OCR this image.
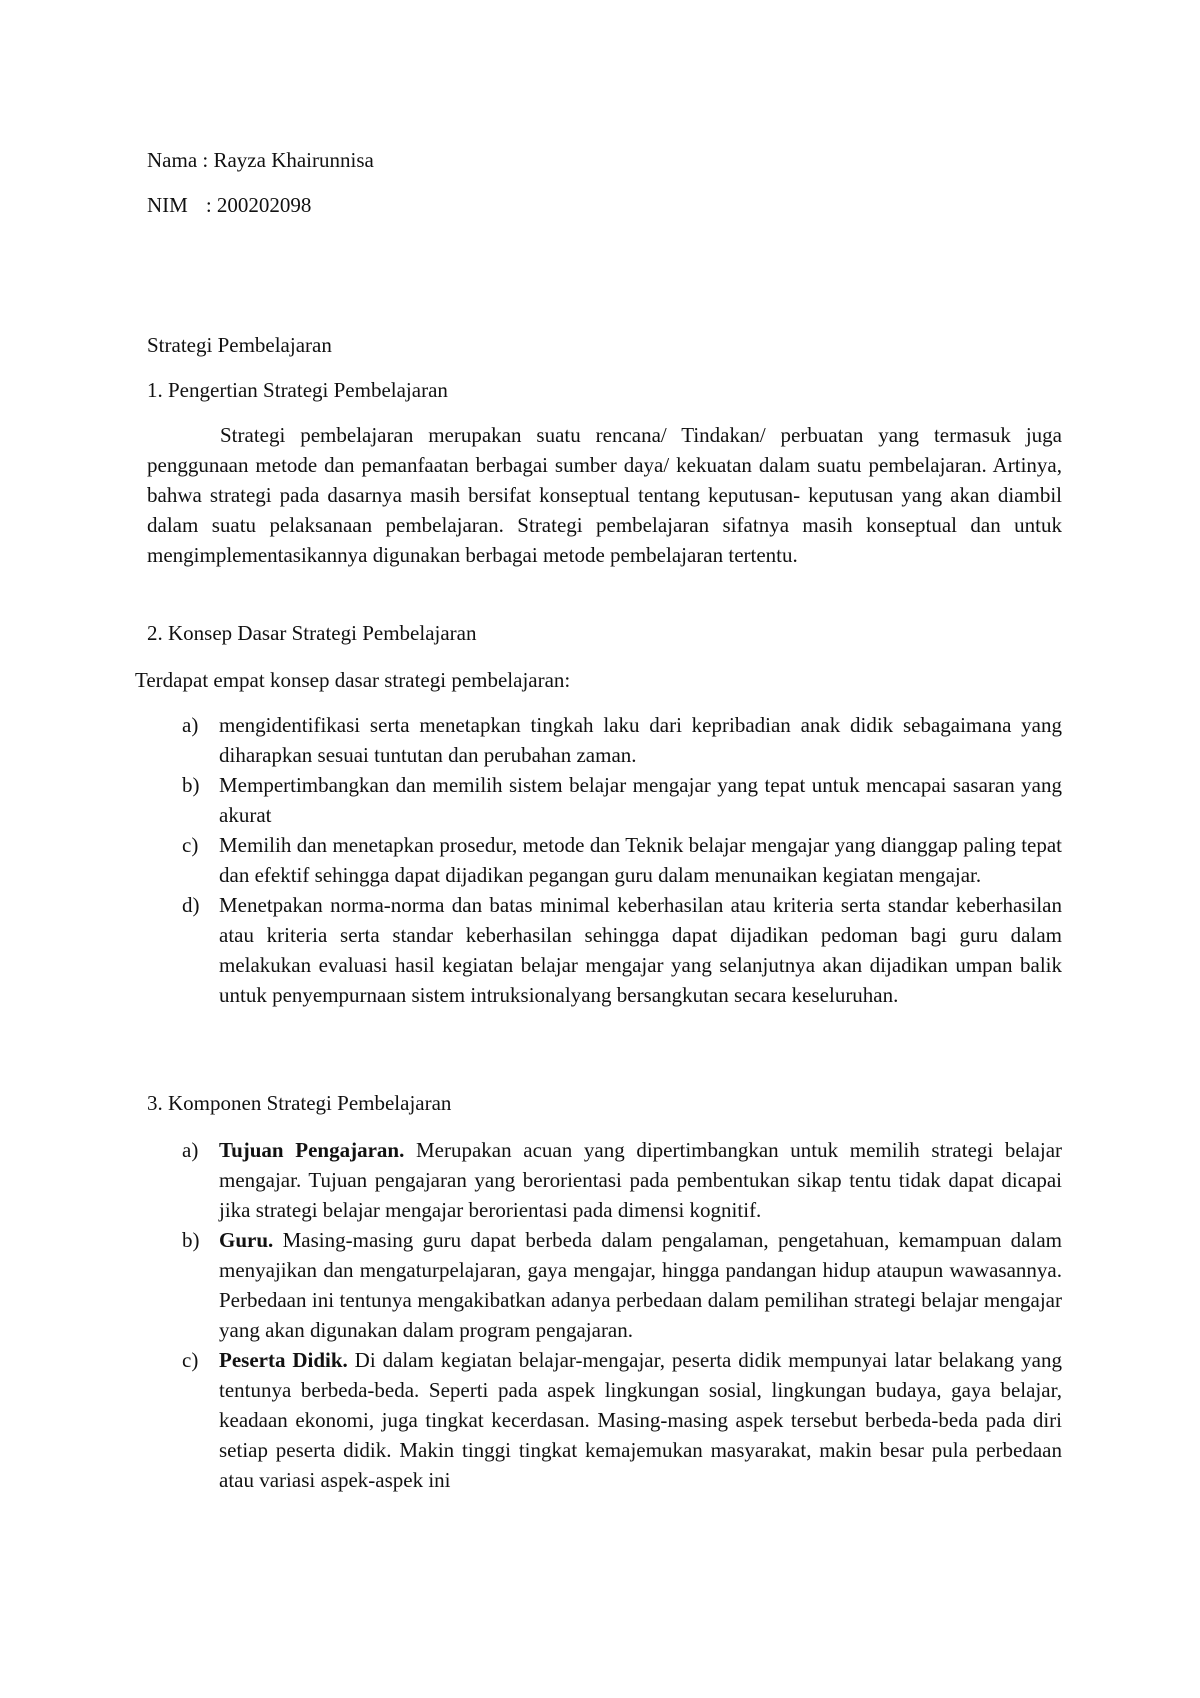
Nama : Rayza Khairunnisa

NIM : 200202098

Strategi Pembelajaran

1. Pengertian Strategi Pembelajaran

Strategi pembelajaran merupakan suatu rencana/ Tindakan/ perbuatan yang termasuk juga penggunaan metode dan pemanfaatan berbagai sumber daya/ kekuatan dalam suatu pembelajaran. Artinya, bahwa strategi pada dasarnya masih bersifat konseptual tentang keputusan- keputusan yang akan diambil dalam suatu pelaksanaan pembelajaran. Strategi pembelajaran sifatnya masih konseptual dan untuk mengimplementasikannya digunakan berbagai metode pembelajaran tertentu.

2. Konsep Dasar Strategi Pembelajaran

Terdapat empat konsep dasar strategi pembelajaran:

a) mengidentifikasi serta menetapkan tingkah laku dari kepribadian anak didik sebagaimana yang diharapkan sesuai tuntutan dan perubahan zaman.
b) Mempertimbangkan dan memilih sistem belajar mengajar yang tepat untuk mencapai sasaran yang akurat
c) Memilih dan menetapkan prosedur, metode dan Teknik belajar mengajar yang dianggap paling tepat dan efektif sehingga dapat dijadikan pegangan guru dalam menunaikan kegiatan mengajar.
d) Menetpakan norma-norma dan batas minimal keberhasilan atau kriteria serta standar keberhasilan atau kriteria serta standar keberhasilan sehingga dapat dijadikan pedoman bagi guru dalam melakukan evaluasi hasil kegiatan belajar mengajar yang selanjutnya akan dijadikan umpan balik untuk penyempurnaan sistem intruksionalyang bersangkutan secara keseluruhan.

3. Komponen Strategi Pembelajaran

a) Tujuan Pengajaran. Merupakan acuan yang dipertimbangkan untuk memilih strategi belajar mengajar. Tujuan pengajaran yang berorientasi pada pembentukan sikap tentu tidak dapat dicapai jika strategi belajar mengajar berorientasi pada dimensi kognitif.
b) Guru. Masing-masing guru dapat berbeda dalam pengalaman, pengetahuan, kemampuan dalam menyajikan dan mengaturpelajaran, gaya mengajar, hingga pandangan hidup ataupun wawasannya. Perbedaan ini tentunya mengakibatkan adanya perbedaan dalam pemilihan strategi belajar mengajar yang akan digunakan dalam program pengajaran.
c) Peserta Didik. Di dalam kegiatan belajar-mengajar, peserta didik mempunyai latar belakang yang tentunya berbeda-beda. Seperti pada aspek lingkungan sosial, lingkungan budaya, gaya belajar, keadaan ekonomi, juga tingkat kecerdasan. Masing-masing aspek tersebut berbeda-beda pada diri setiap peserta didik. Makin tinggi tingkat kemajemukan masyarakat, makin besar pula perbedaan atau variasi aspek-aspek ini
